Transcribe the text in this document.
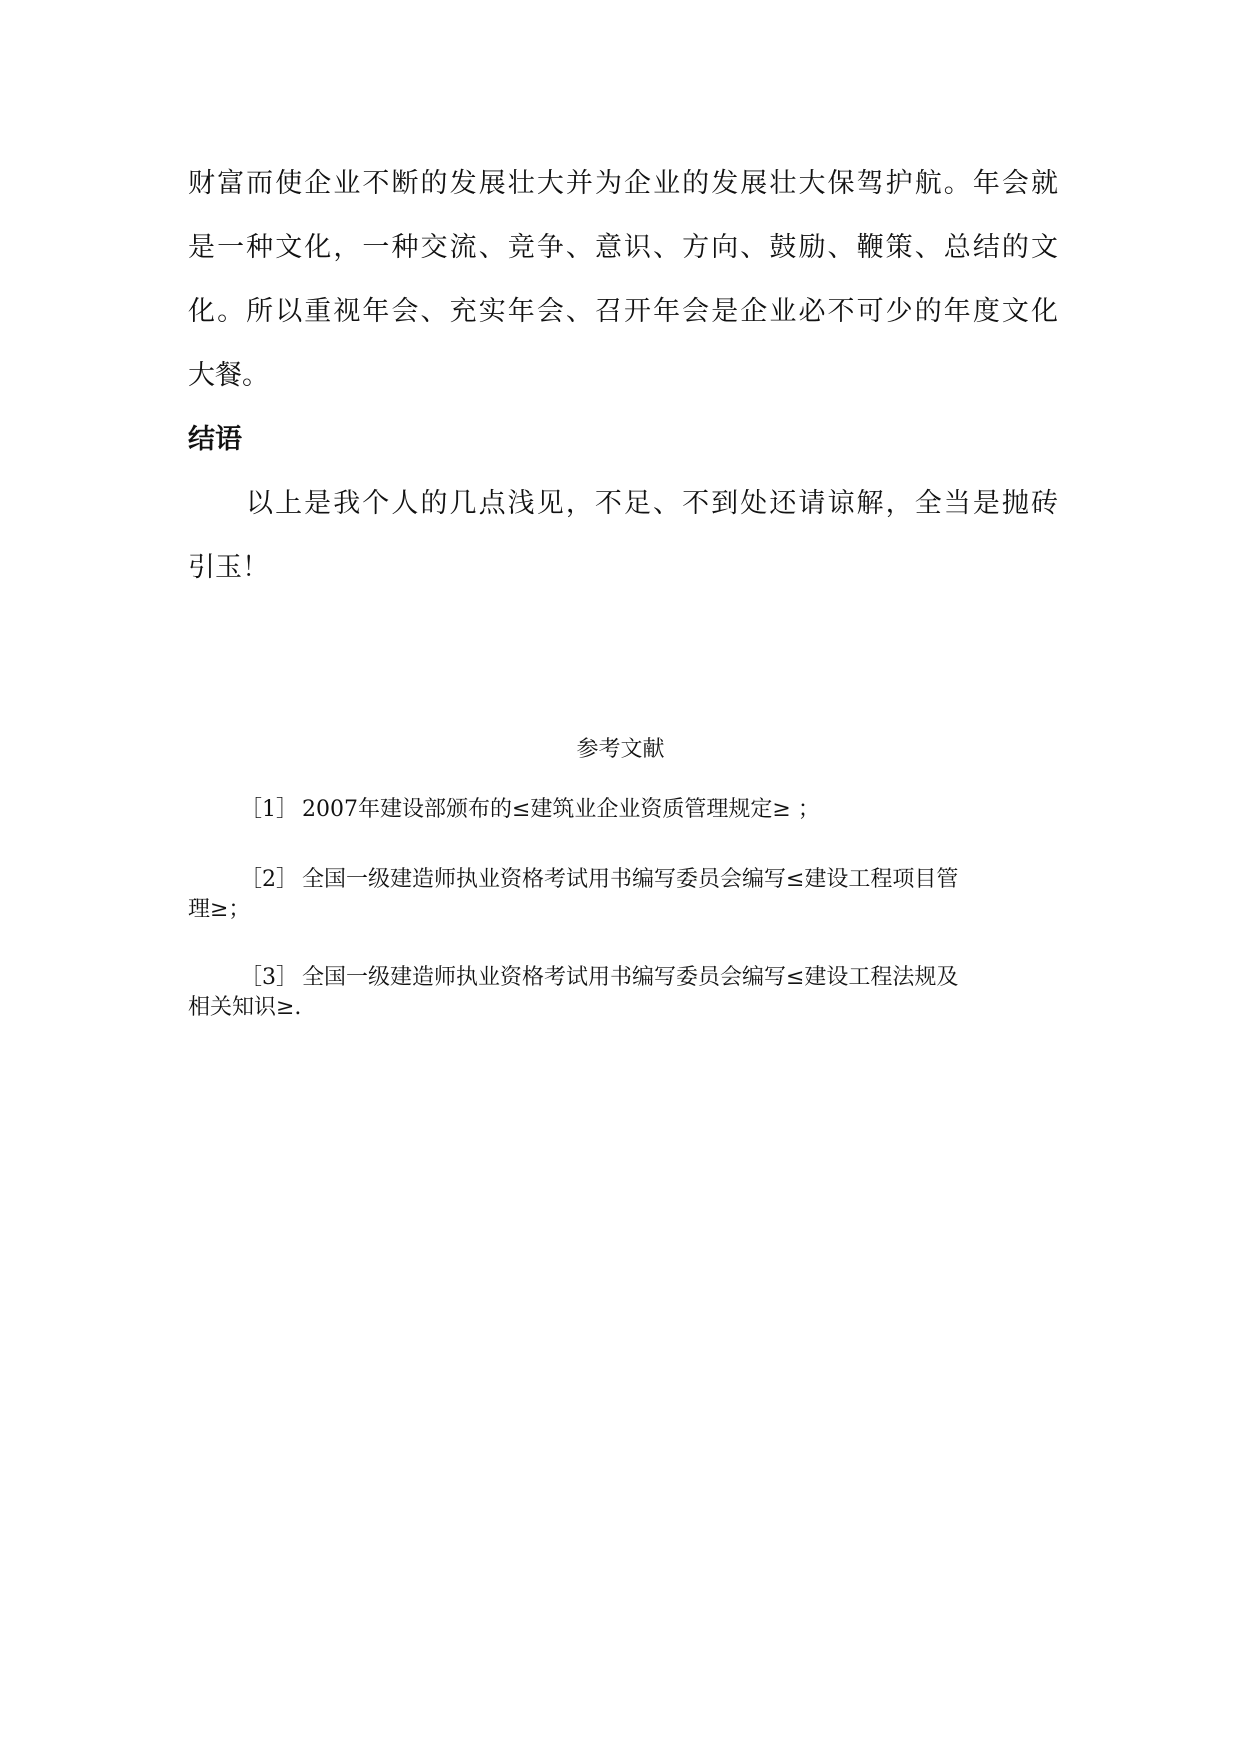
财富而使企业不断的发展壮大并为企业的发展壮大保驾护航。年会就
是一种文化，一种交流、竞争、意识、方向、鼓励、鞭策、总结的文
化。所以重视年会、充实年会、召开年会是企业必不可少的年度文化
大餐。
结语
以上是我个人的几点浅见，不足、不到处还请谅解，全当是抛砖
引玉！
参考文献
［1］ 2007年建设部颁布的≤建筑业企业资质管理规定≥ ；
［2］ 全国一级建造师执业资格考试用书编写委员会编写≤建设工程项目管
理≥；
［3］ 全国一级建造师执业资格考试用书编写委员会编写≤建设工程法规及
相关知识≥.
